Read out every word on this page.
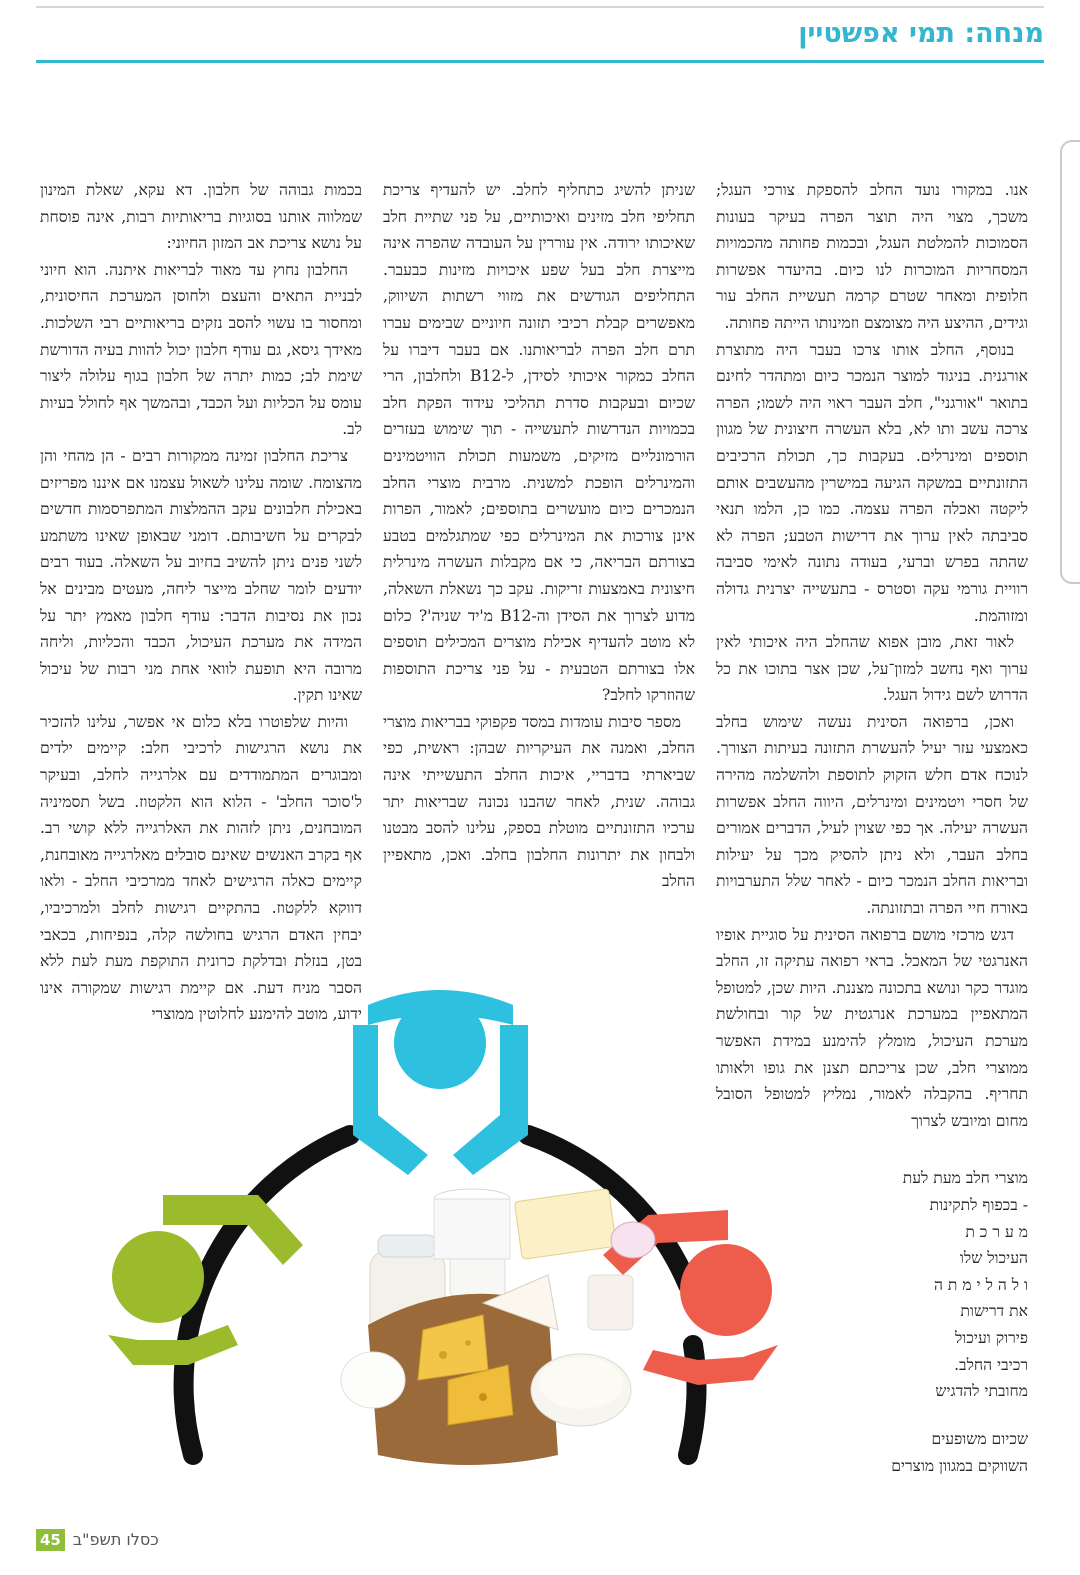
מנחה: תמי אפשטיין

אנו. במקורו נועד החלב להספקת צורכי העגל; משכך, מצוי היה תוצר הפרה בעיקר בעונות הסמוכות להמלטת העגל, ובכמות פחותה מהכמויות המסחריות המוכרות לנו כיום. בהיעדר אפשרות חלופית ומאחר שטרם קרמה תעשיית החלב עור וגידים, ההיצע היה מצומצם וזמינותו הייתה פחותה.

בנוסף, החלב אותו צרכו בעבר היה מתוצרת אורגנית. בניגוד למוצר הנמכר כיום ומתהדר לחינם בתואר "אורגני", חלב העבר ראוי היה לשמו; הפרה צרכה עשב ותו לא, בלא העשרה חיצונית של מגוון תוספים ומינרלים. בעקבות כך, תכולת הרכיבים התזונתיים במשקה הגיעה במישרין מהעשבים אותם ליקטה ואכלה הפרה עצמה. כמו כן, הלמו תנאי סביבתה לאין ערוך את דרישות הטבע; הפרה לא שהתה בפרש וברעי, בעודה נתונה לאימי סביבה רוויית גורמי עקה וסטרס - בתעשייה יצרנית גדולה ומזוהמת.

לאור זאת, מובן אפוא שהחלב היה איכותי לאין ערוך ואף נחשב למזון־על, שכן אצר בתוכו את כל הדרוש לשם גידול העגל.

ואכן, ברפואה הסינית נעשה שימוש בחלב כאמצעי עזר יעיל להעשרת התזונה בעיתות הצורך. לנוכח אדם חלש הזקוק לתוספת ולהשלמה מהירה של חסרי ויטמינים ומינרלים, היווה החלב אפשרות העשרה יעילה. אך כפי שצוין לעיל, הדברים אמורים בחלב העבר, ולא ניתן להסיק מכך על יעילות ובריאות החלב הנמכר כיום - לאחר שלל התערבויות באורח חיי הפרה ובתזונתה.

דגש מרכזי מושם ברפואה הסינית על סוגיית אופיו האנרגטי של המאכל. בראי רפואה עתיקה זו, החלב מוגדר כקר ונושא בתכונה מצננת. היות שכן, למטופל המתאפיין במערכת אנרגטית של קור ובחולשת מערכת העיכול, מומלץ להימנע במידת האפשר ממוצרי חלב, שכן צריכתם תצנן את גופו ולאותו תחריף. בהקבלה לאמור, נמליץ למטופל הסובל מחום ומיובש לצרוך

מוצרי חלב מעת לעת
- בכפוף לתקינות
מ ע ר כ ת
העיכול שלו
ו ל ה ל י מ ת ה
את דרישות
פירוק ועיכול
רכיבי החלב.
מחובתי להדגיש
שכיום משופעים
השווקים במגוון מוצרים

שניתן להשיג כתחליף לחלב. יש להעדיף צריכת תחליפי חלב מזינים ואיכותיים, על פני שתיית חלב שאיכותו ירודה. אין עוררין על העובדה שהפרה אינה מייצרת חלב בעל שפע איכויות מזינות כבעבר. התחליפים הגודשים את מזווי רשתות השיווק, מאפשרים קבלת רכיבי תזונה חיוניים שבימים עברו תרם חלב הפרה לבריאותנו. אם בעבר דיברו על החלב כמקור איכותי לסידן, ל-B12 ולחלבון, הרי שכיום ובעקבות סדרת תהליכי עידוד הפקת חלב בכמויות הנדרשות לתעשייה - תוך שימוש בעזרים הורמונליים מזיקים, משמעות תכולת הוויטמינים והמינרלים הופכת למשנית. מרבית מוצרי החלב הנמכרים כיום מועשרים בתוספים; לאמור, הפרות אינן צורכות את המינרלים כפי שמתגלמים בטבע בצורתם הבריאה, כי אם מקבלות העשרה מינרלית חיצונית באמצעות זריקות. עקב כך נשאלת השאלה, מדוע לצרוך את הסידן וה-B12 מ'יד שניה'? כלום לא מוטב להעדיף אכילת מוצרים המכילים תוספים אלו בצורתם הטבעית - על פני צריכת התוספות שהוזרקו לחלב?

מספר סיבות עומדות במסד פקפוקי בבריאות מוצרי החלב, ואמנה את העיקריות שבהן: ראשית, כפי שביארתי בדבריי, איכות החלב התעשייתי אינה גבוהה. שנית, לאחר שהבנו נכונה שבריאות יתר ערכיו התזונתיים מוטלת בספק, עלינו להסב מבטנו ולבחון את יתרונות החלבון בחלב. ואכן, מתאפיין החלב

בכמות גבוהה של חלבון. דא עקא, שאלת המינון שמלווה אותנו בסוגיות בריאותיות רבות, אינה פוסחת על נושא צריכת אב המזון החיוני:

החלבון נחוץ עד מאוד לבריאות איתנה. הוא חיוני לבניית התאים והעצם ולחוסן המערכת החיסונית, ומחסור בו עשוי להסב נזקים בריאותיים רבי השלכות. מאידך גיסא, גם עודף חלבון יכול להוות בעיה הדורשת שימת לב; כמות יתרה של חלבון בגוף עלולה ליצור עומס על הכליות ועל הכבד, ובהמשך אף לחולל בעיות לב.

צריכת החלבון זמינה ממקורות רבים - הן מהחי והן מהצומח. שומה עלינו לשאול עצמנו אם איננו מפריזים באכילת חלבונים עקב ההמלצות המתפרסמות חדשים לבקרים על חשיבותם. דומני שבאופן שאינו משתמע לשני פנים ניתן להשיב בחיוב על השאלה. בעוד רבים יודעים לומר שחלב מייצר ליחה, מעטים מבינים אל נכון את נסיבות הדבר: עודף חלבון מאמץ יתר על המידה את מערכת העיכול, הכבד והכליות, וליחה מרובה היא תופעת לוואי אחת מני רבות של עיכול שאינו תקין.

והיות שלפוטרו בלא כלום אי אפשר, עלינו להזכיר את נושא הרגישות לרכיבי חלב: קיימים ילדים ומבוגרים המתמודדים עם אלרגייה לחלב, ובעיקר ל'סוכר החלב' - הלוא הוא הלקטוז. בשל תסמיניה המובחנים, ניתן לזהות את האלרגייה ללא קושי רב. אף בקרב האנשים שאינם סובלים מאלרגייה מאובחנת, קיימים כאלה הרגישים לאחד ממרכיבי החלב - ולאו דווקא ללקטוז. בהתקיים רגישות לחלב ולמרכיביו, יבחין האדם הרגיש בחולשה קלה, בנפיחות, בכאבי בטן, בנזלת ובדלקת כרונית התוקפת מעת לעת ללא הסבר מניח דעת. אם קיימת רגישות שמקורה אינו ידוע, מוטב להימנע לחלוטין ממוצרי

45 כסלו תשפ"ב
